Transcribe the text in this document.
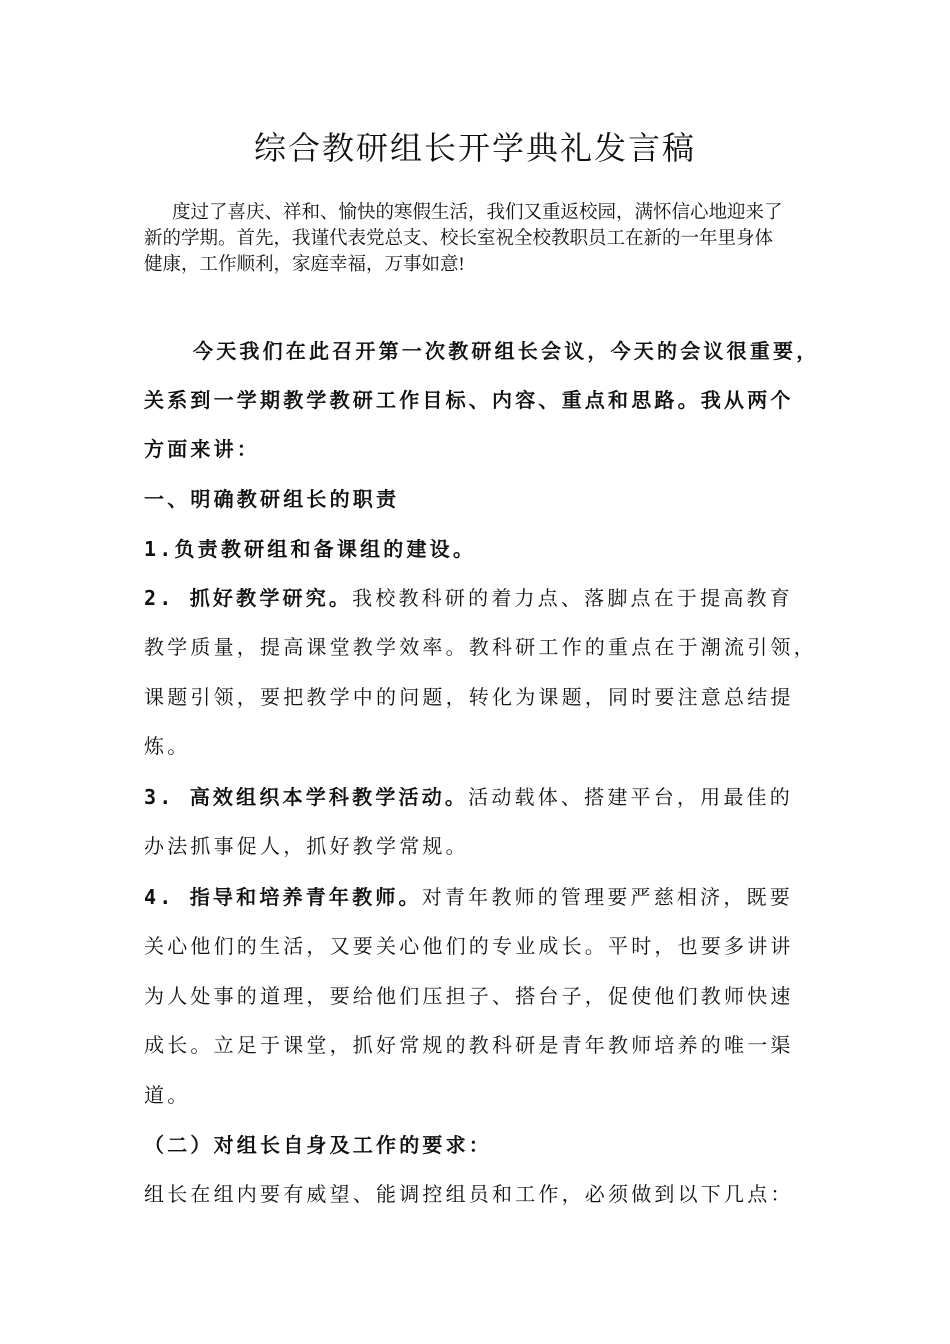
综合教研组长开学典礼发言稿
度过了喜庆、祥和、愉快的寒假生活，我们又重返校园，满怀信心地迎来了
新的学期。首先，我谨代表党总支、校长室祝全校教职员工在新的一年里身体
健康，工作顺利，家庭幸福，万事如意!
今天我们在此召开第一次教研组长会议，今天的会议很重要，
关系到一学期教学教研工作目标、内容、重点和思路。我从两个
方面来讲：
一、明确教研组长的职责
1.负责教研组和备课组的建设。
2. 抓好教学研究。我校教科研的着力点、落脚点在于提高教育
教学质量，提高课堂教学效率。教科研工作的重点在于潮流引领，
课题引领，要把教学中的问题，转化为课题，同时要注意总结提
炼。
3. 高效组织本学科教学活动。活动载体、搭建平台，用最佳的
办法抓事促人，抓好教学常规。
4. 指导和培养青年教师。对青年教师的管理要严慈相济，既要
关心他们的生活，又要关心他们的专业成长。平时，也要多讲讲
为人处事的道理，要给他们压担子、搭台子，促使他们教师快速
成长。立足于课堂，抓好常规的教科研是青年教师培养的唯一渠
道。
（二）对组长自身及工作的要求：
组长在组内要有威望、能调控组员和工作，必须做到以下几点：
